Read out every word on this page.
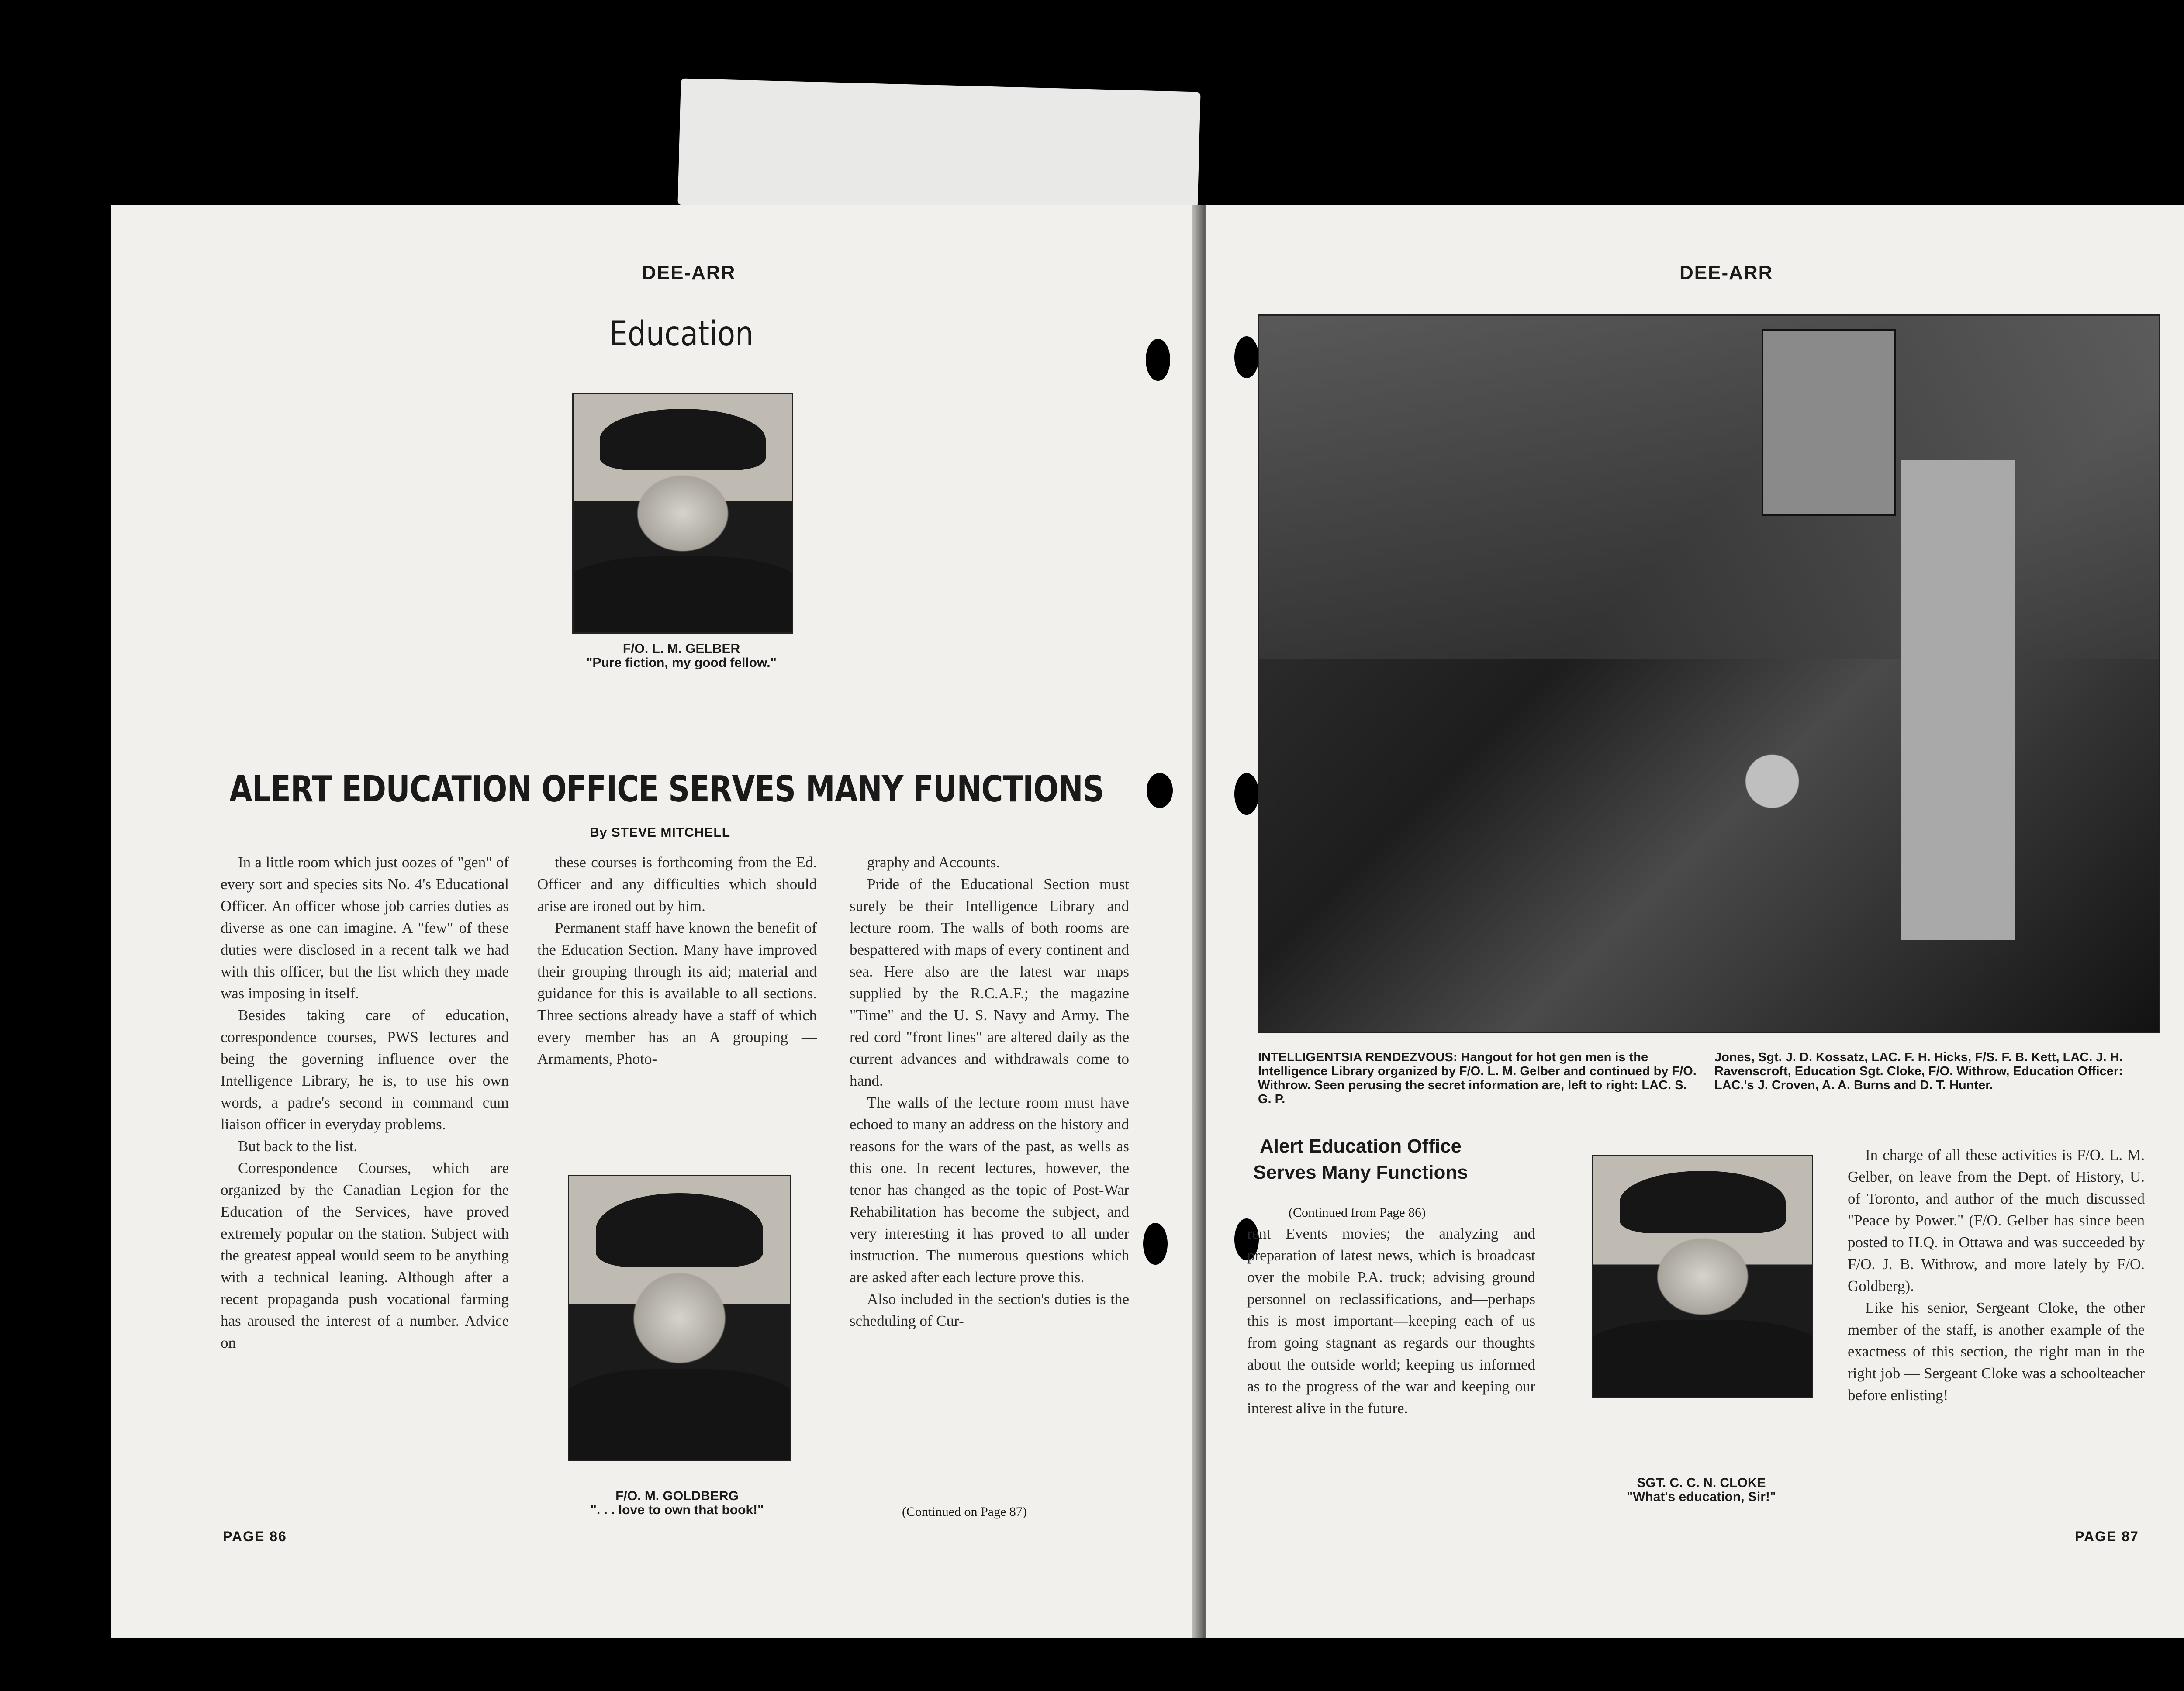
DEE-ARR
Education
F/O. L. M. GELBER
"Pure fiction, my good fellow."
ALERT EDUCATION OFFICE SERVES MANY FUNCTIONS
By STEVE MITCHELL

In a little room which just oozes of "gen" of every sort and species sits No. 4's Educational Officer. An officer whose job carries duties as diverse as one can imagine. A "few" of these duties were disclosed in a recent talk we had with this officer, but the list which they made was imposing in itself.

Besides taking care of education, correspondence courses, PWS lectures and being the governing influence over the Intelligence Library, he is, to use his own words, a padre's second in command cum liaison officer in everyday problems.

But back to the list.

Correspondence Courses, which are organized by the Canadian Legion for the Education of the Services, have proved extremely popular on the station. Subject with the greatest appeal would seem to be anything with a technical leaning. Although after a recent propaganda push vocational farming has aroused the interest of a number. Advice on

these courses is forthcoming from the Ed. Officer and any difficulties which should arise are ironed out by him.

Permanent staff have known the benefit of the Education Section. Many have improved their grouping through its aid; material and guidance for this is available to all sections. Three sections already have a staff of which every member has an A grouping — Armaments, Photo-

F/O. M. GOLDBERG
". . . love to own that book!"

graphy and Accounts.

Pride of the Educational Section must surely be their Intelligence Library and lecture room. The walls of both rooms are bespattered with maps of every continent and sea. Here also are the latest war maps supplied by the R.C.A.F.; the magazine "Time" and the U. S. Navy and Army. The red cord "front lines" are altered daily as the current advances and withdrawals come to hand.

The walls of the lecture room must have echoed to many an address on the history and reasons for the wars of the past, as wells as this one. In recent lectures, however, the tenor has changed as the topic of Post-War Rehabilitation has become the subject, and very interesting it has proved to all under instruction. The numerous questions which are asked after each lecture prove this.

Also included in the section's duties is the scheduling of Cur-

(Continued on Page 87)
PAGE 86
DEE-ARR
INTELLIGENTSIA RENDEZVOUS: Hangout for hot gen men is the Intelligence Library organized by F/O. L. M. Gelber and continued by F/O. Withrow. Seen perusing the secret information are, left to right: LAC. S. G. P.
Jones, Sgt. J. D. Kossatz, LAC. F. H. Hicks, F/S. F. B. Kett, LAC. J. H. Ravenscroft, Education Sgt. Cloke, F/O. Withrow, Education Officer: LAC.'s J. Croven, A. A. Burns and D. T. Hunter.
Alert Education Office Serves Many Functions
(Continued from Page 86)

rent Events movies; the analyzing and preparation of latest news, which is broadcast over the mobile P.A. truck; advising ground personnel on reclassifications, and—perhaps this is most important—keeping each of us from going stagnant as regards our thoughts about the outside world; keeping us informed as to the progress of the war and keeping our interest alive in the future.

SGT. C. C. N. CLOKE
"What's education, Sir!"

In charge of all these activities is F/O. L. M. Gelber, on leave from the Dept. of History, U. of Toronto, and author of the much discussed "Peace by Power." (F/O. Gelber has since been posted to H.Q. in Ottawa and was succeeded by F/O. J. B. Withrow, and more lately by F/O. Goldberg).

Like his senior, Sergeant Cloke, the other member of the staff, is another example of the exactness of this section, the right man in the right job — Sergeant Cloke was a schoolteacher before enlisting!

PAGE 87
